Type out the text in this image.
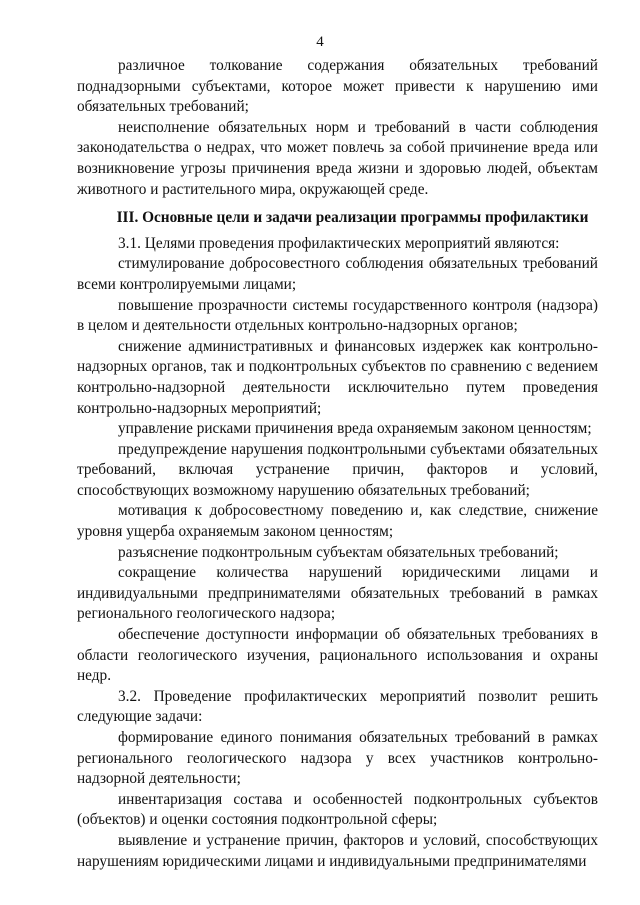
4

различное толкование содержания обязательных требований поднадзорными субъектами, которое может привести к нарушению ими обязательных требований;

неисполнение обязательных норм и требований в части соблюдения законодательства о недрах, что может повлечь за собой причинение вреда или возникновение угрозы причинения вреда жизни и здоровью людей, объектам животного и растительного мира, окружающей среде.

III. Основные цели и задачи реализации программы профилактики

3.1. Целями проведения профилактических мероприятий являются:

стимулирование добросовестного соблюдения обязательных требований всеми контролируемыми лицами;

повышение прозрачности системы государственного контроля (надзора) в целом и деятельности отдельных контрольно-надзорных органов;

снижение административных и финансовых издержек как контрольно-надзорных органов, так и подконтрольных субъектов по сравнению с ведением контрольно-надзорной деятельности исключительно путем проведения контрольно-надзорных мероприятий;

управление рисками причинения вреда охраняемым законом ценностям;

предупреждение нарушения подконтрольными субъектами обязательных требований, включая устранение причин, факторов и условий, способствующих возможному нарушению обязательных требований;

мотивация к добросовестному поведению и, как следствие, снижение уровня ущерба охраняемым законом ценностям;

разъяснение подконтрольным субъектам обязательных требований;

сокращение количества нарушений юридическими лицами и индивидуальными предпринимателями обязательных требований в рамках регионального геологического надзора;

обеспечение доступности информации об обязательных требованиях в области геологического изучения, рационального использования и охраны недр.

3.2. Проведение профилактических мероприятий позволит решить следующие задачи:

формирование единого понимания обязательных требований в рамках регионального геологического надзора у всех участников контрольно-надзорной деятельности;

инвентаризация состава и особенностей подконтрольных субъектов (объектов) и оценки состояния подконтрольной сферы;

выявление и устранение причин, факторов и условий, способствующих нарушениям юридическими лицами и индивидуальными предпринимателями
